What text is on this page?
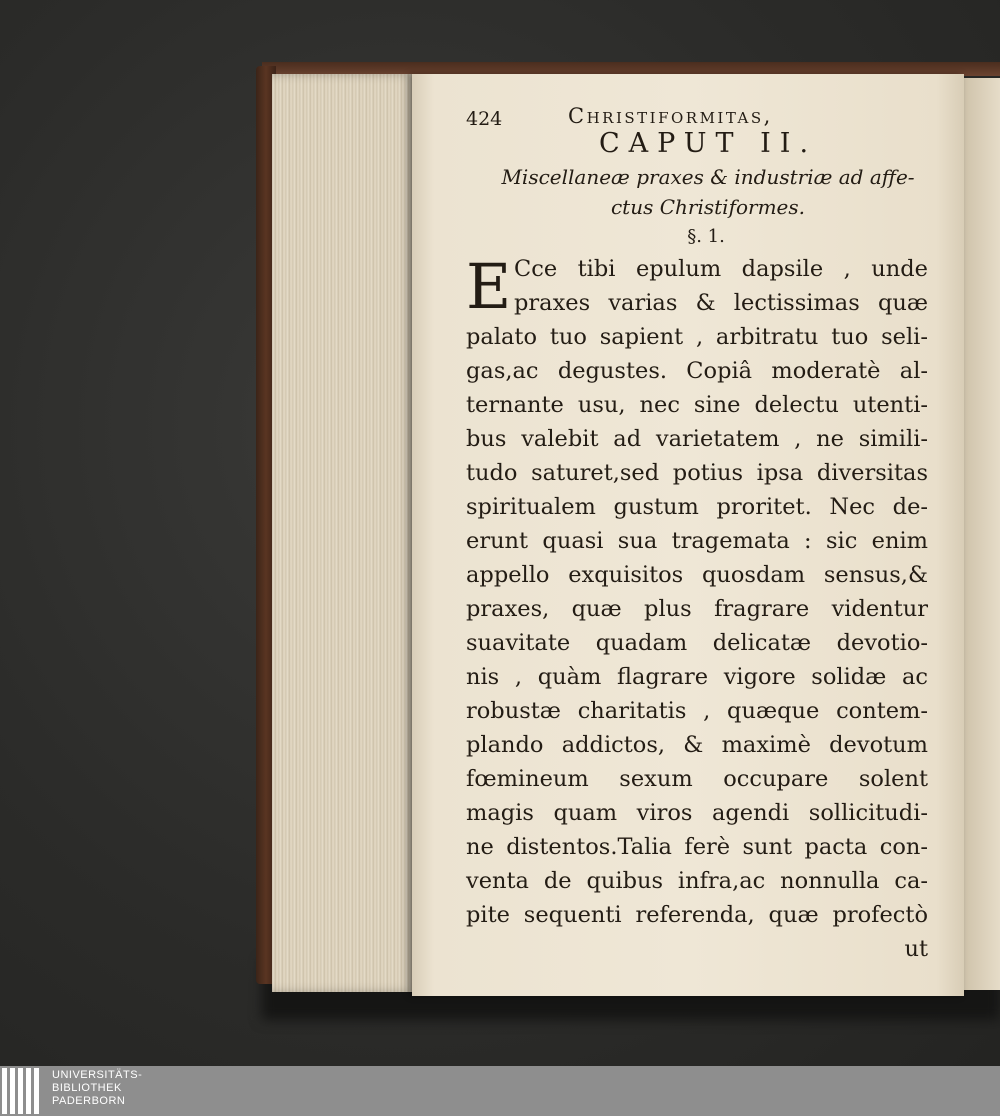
424	Christiformitas,
CAPUT II.
Miscellaneæ praxes & industriæ ad affe-
ctus Christiformes.
§. 1.
E Cce tibi epulum dapsile , unde
praxes varias & lectissimas quæ
palato tuo sapient , arbitratu tuo seli-
gas,ac degustes. Copiâ moderatè al-
ternante usu, nec sine delectu utenti-
bus valebit ad varietatem , ne simili-
tudo saturet,sed potius ipsa diversitas
spiritualem gustum proritet. Nec de-
erunt quasi sua tragemata : sic enim
appello exquisitos quosdam sensus,&
praxes, quæ plus fragrare videntur
suavitate quadam delicatæ devotio-
nis , quàm flagrare vigore solidæ ac
robustæ charitatis , quæque contem-
plando addictos, & maximè devotum
fœmineum sexum occupare solent
magis quam viros agendi sollicitudi-
ne distentos.Talia ferè sunt pacta con-
venta de quibus infra,ac nonnulla ca-
pite sequenti referenda, quæ profectò
ut
UNIVERSITÄTS-
BIBLIOTHEK
PADERBORN
